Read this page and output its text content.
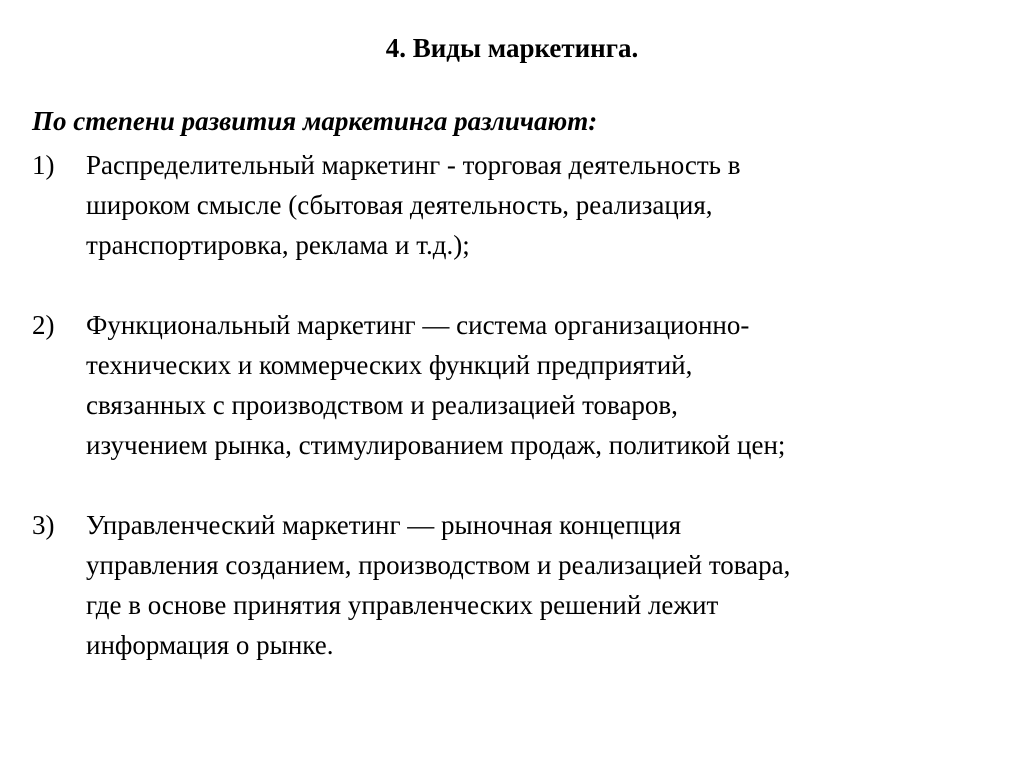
4. Виды маркетинга.
По степени развития маркетинга различают:
1) Распределительный маркетинг - торговая деятельность в
широком смысле (сбытовая деятельность, реализация,
транспортировка, реклама и т.д.);
2) Функциональный маркетинг — система организационно-
технических и коммерческих функций предприятий,
связанных с производством и реализацией товаров,
изучением рынка, стимулированием продаж, политикой цен;
3) Управленческий маркетинг — рыночная концепция
управления созданием, производством и реализацией товара,
где в основе принятия управленческих решений лежит
информация о рынке.
